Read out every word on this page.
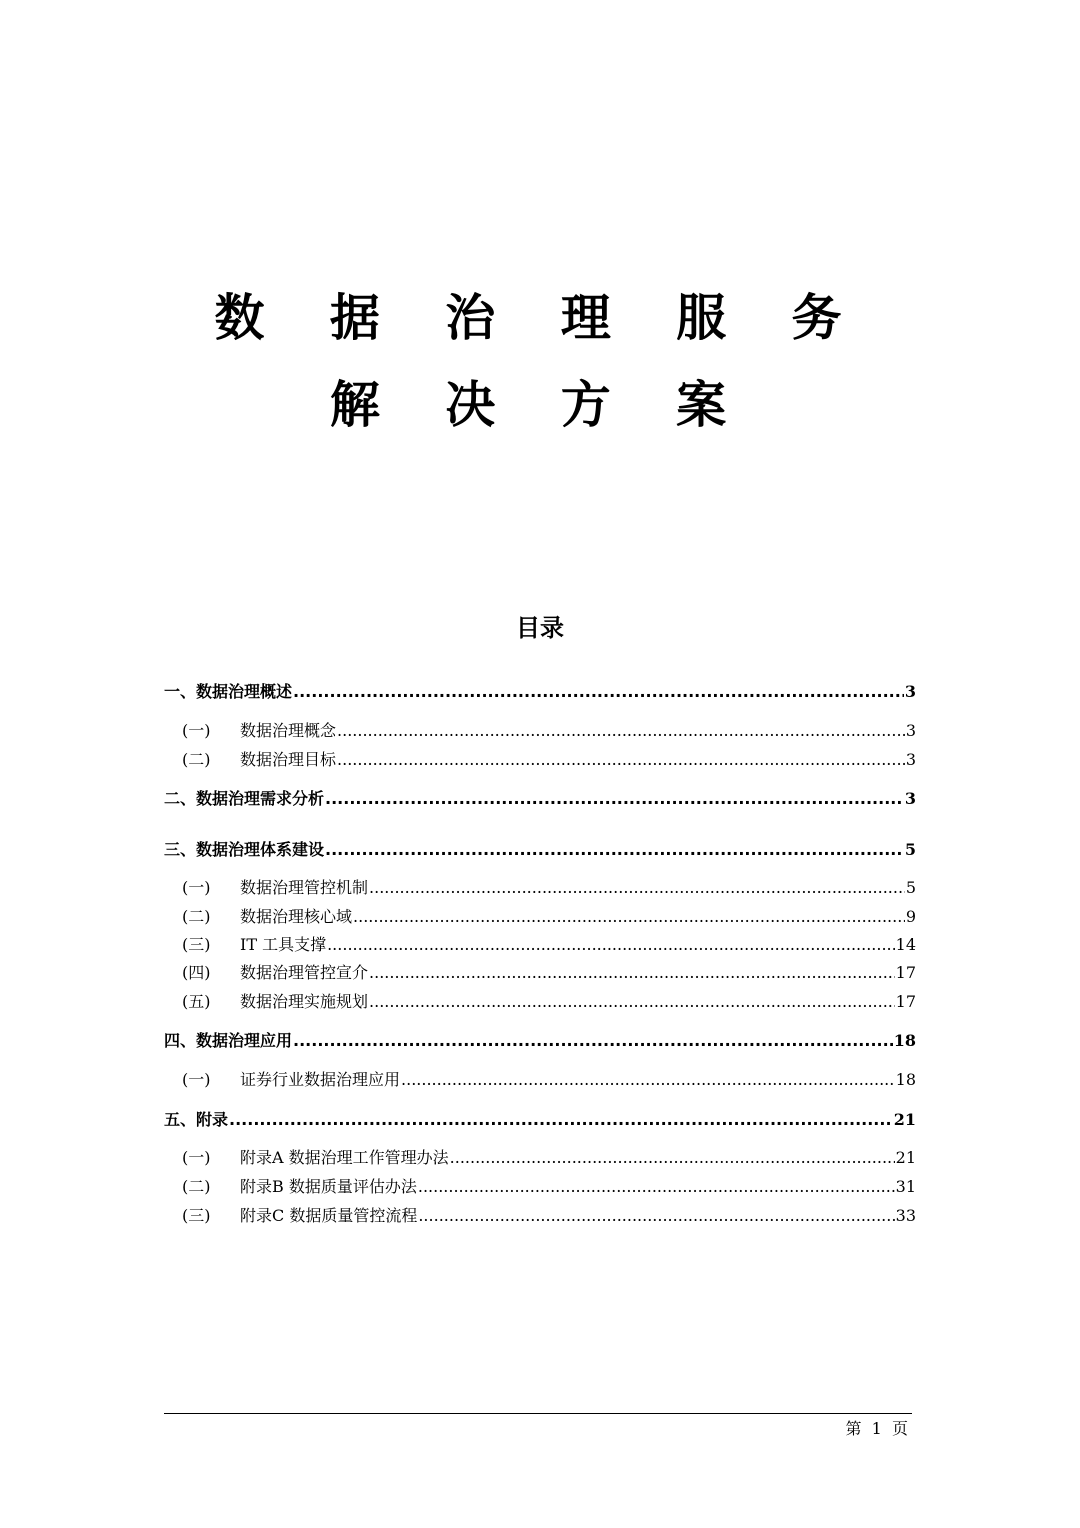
数 据 治 理 服 务
解 决 方 案
目录
一、数据治理概述 .....	3
(一) 数据治理概念 .....	3
(二) 数据治理目标 .....	3
二、数据治理需求分析 .....	3
三、数据治理体系建设 .....	5
(一) 数据治理管控机制 .....	5
(二) 数据治理核心域 .....	9
(三) IT 工具支撑 .....	14
(四) 数据治理管控宣介 .....	17
(五) 数据治理实施规划 .....	17
四、数据治理应用 .....	18
(一) 证券行业数据治理应用 .....	18
五、附录 .....	21
(一) 附录A 数据治理工作管理办法 .....	21
(二) 附录B 数据质量评估办法 .....	31
(三) 附录C 数据质量管控流程 .....	33
第  1  页
